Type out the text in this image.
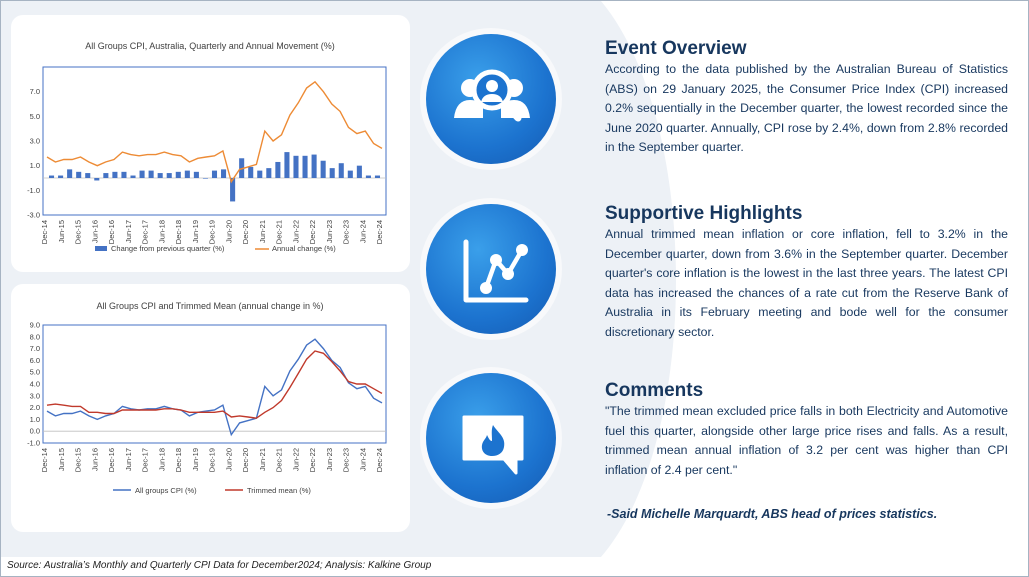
All Groups CPI, Australia, Quarterly and Annual Movement (%)
-3.0
-1.0
1.0
3.0
5.0
7.0
Dec-14 Jun-15 Dec-15 Jun-16 Dec-16 Jun-17 Dec-17 Jun-18 Dec-18 Jun-19 Dec-19 Jun-20 Dec-20 Jun-21 Dec-21 Jun-22 Dec-22 Jun-23 Dec-23 Jun-24 Dec-24
Change from previous quarter (%)	Annual change (%)
All Groups CPI and Trimmed Mean (annual change in %)
-1.0
0.0
1.0
2.0
3.0
4.0
5.0
6.0
7.0
8.0
9.0
Dec-14 Jun-15 Dec-15 Jun-16 Dec-16 Jun-17 Dec-17 Jun-18 Dec-18 Jun-19 Dec-19 Jun-20 Dec-20 Jun-21 Dec-21 Jun-22 Dec-22 Jun-23 Dec-23 Jun-24 Dec-24
All groups CPI (%)	Trimmed mean (%)

Event Overview

According to the data published by the Australian Bureau of Statistics (ABS) on 29 January 2025, the Consumer Price Index (CPI) increased 0.2% sequentially in the December quarter, the lowest recorded since the June 2020 quarter. Annually, CPI rose by 2.4%, down from 2.8% recorded in the September quarter.

Supportive Highlights

Annual trimmed mean inflation or core inflation, fell to 3.2% in the December quarter, down from 3.6% in the September quarter. December quarter's core inflation is the lowest in the last three years. The latest CPI data has increased the chances of a rate cut from the Reserve Bank of Australia in its February meeting and bode well for the consumer discretionary sector.

Comments

"The trimmed mean excluded price falls in both Electricity and Automotive fuel this quarter, alongside other large price rises and falls. As a result, trimmed mean annual inflation of 3.2 per cent was higher than CPI inflation of 2.4 per cent."

-Said Michelle Marquardt, ABS head of prices statistics.
Source: Australia’s Monthly and Quarterly CPI Data for December2024; Analysis: Kalkine Group
